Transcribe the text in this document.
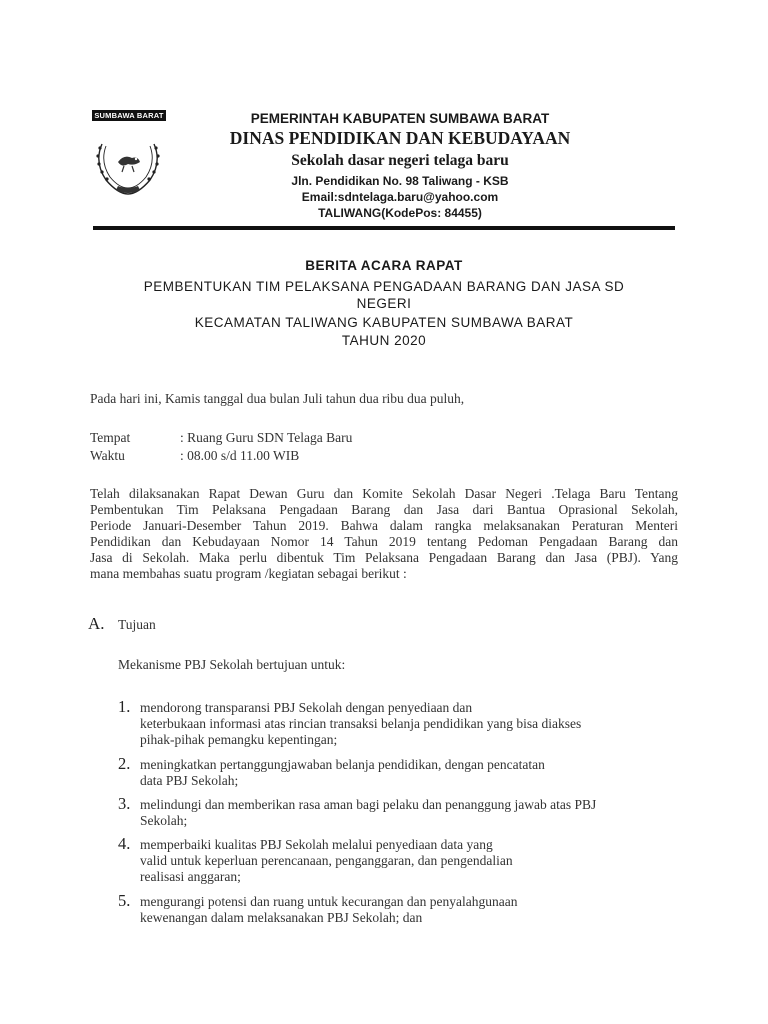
SUMBAWA BARAT	PEMERINTAH KABUPATEN SUMBAWA BARAT
DINAS PENDIDIKAN DAN KEBUDAYAAN
Sekolah dasar negeri telaga baru
Jln. Pendidikan No. 98 Taliwang - KSB
Email:sdntelaga.baru@yahoo.com
TALIWANG(KodePos: 84455)
BERITA ACARA RAPAT
PEMBENTUKAN TIM PELAKSANA PENGADAAN BARANG DAN JASA SD
NEGERI
KECAMATAN TALIWANG KABUPATEN SUMBAWA BARAT
TAHUN 2020
Pada hari ini, Kamis tanggal dua bulan Juli tahun dua ribu dua puluh,
Tempat	: Ruang Guru SDN Telaga Baru
Waktu	: 08.00 s/d 11.00 WIB
Telah dilaksanakan Rapat Dewan Guru dan Komite Sekolah Dasar Negeri .Telaga Baru Tentang
Pembentukan Tim Pelaksana Pengadaan Barang dan Jasa dari Bantua Oprasional Sekolah,
Periode Januari-Desember Tahun 2019. Bahwa dalam rangka melaksanakan Peraturan Menteri
Pendidikan dan Kebudayaan Nomor 14 Tahun 2019 tentang Pedoman Pengadaan Barang dan
Jasa di Sekolah. Maka perlu dibentuk Tim Pelaksana Pengadaan Barang dan Jasa (PBJ). Yang
mana membahas suatu program /kegiatan sebagai berikut :
A. Tujuan
Mekanisme PBJ Sekolah bertujuan untuk:
1. mendorong transparansi PBJ Sekolah dengan penyediaan dan
keterbukaan informasi atas rincian transaksi belanja pendidikan yang bisa diakses
pihak-pihak pemangku kepentingan;
2. meningkatkan pertanggungjawaban belanja pendidikan, dengan pencatatan
data PBJ Sekolah;
3. melindungi dan memberikan rasa aman bagi pelaku dan penanggung jawab atas PBJ
Sekolah;
4. memperbaiki kualitas PBJ Sekolah melalui penyediaan data yang
valid untuk keperluan perencanaan, penganggaran, dan pengendalian
realisasi anggaran;
5. mengurangi potensi dan ruang untuk kecurangan dan penyalahgunaan
kewenangan dalam melaksanakan PBJ Sekolah; dan
